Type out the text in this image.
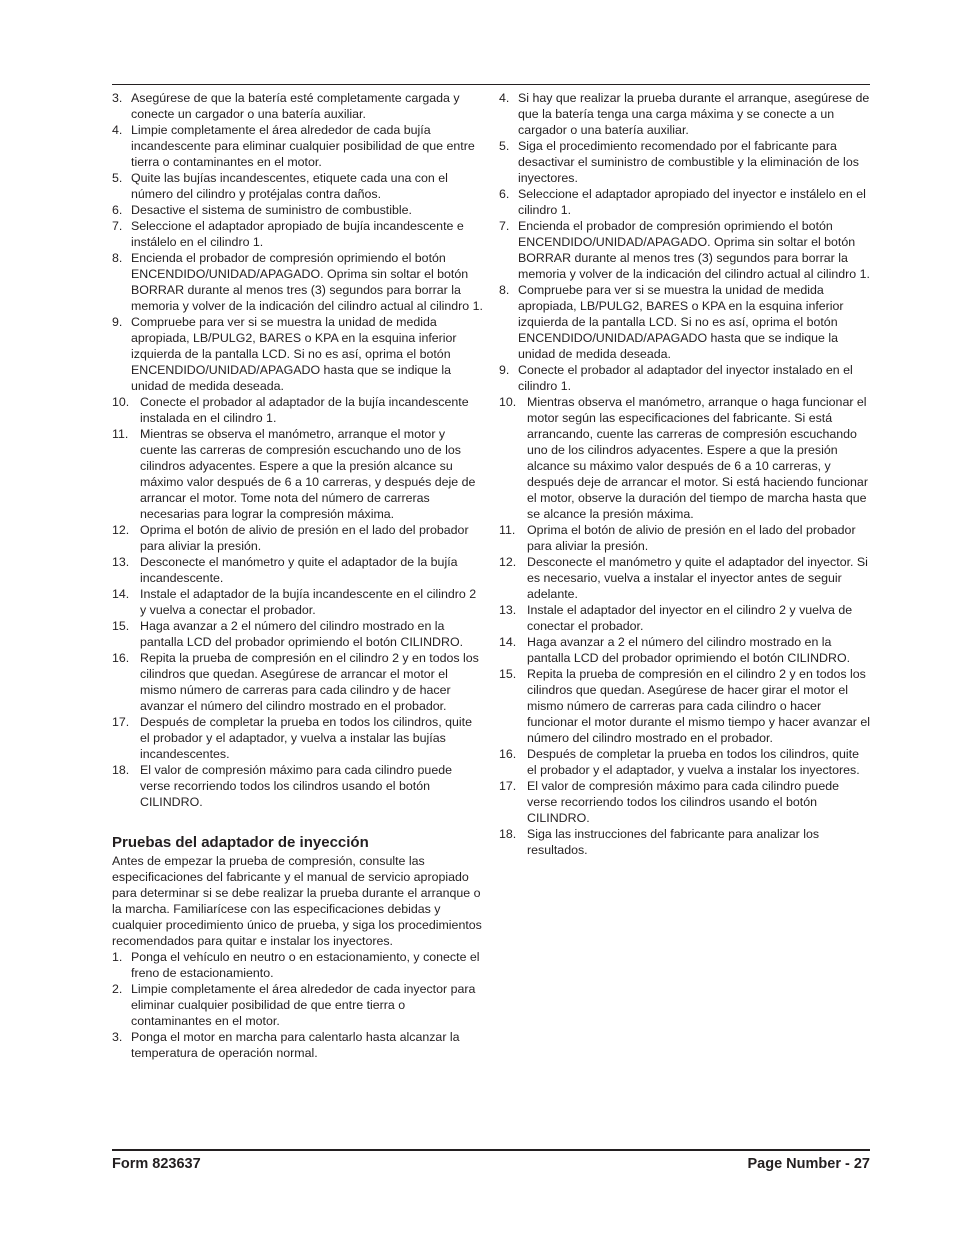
3. Asegúrese de que la batería esté completamente cargada y conecte un cargador o una batería auxiliar.
4. Limpie completamente el área alrededor de cada bujía incandescente para eliminar cualquier posibilidad de que entre tierra o contaminantes en el motor.
5. Quite las bujías incandescentes, etiquete cada una con el número del cilindro y protéjalas contra daños.
6. Desactive el sistema de suministro de combustible.
7. Seleccione el adaptador apropiado de bujía incandescente e instálelo en el cilindro 1.
8. Encienda el probador de compresión oprimiendo el botón ENCENDIDO/UNIDAD/APAGADO. Oprima sin soltar el botón BORRAR durante al menos tres (3) segundos para borrar la memoria y volver de la indicación del cilindro actual al cilindro 1.
9. Compruebe para ver si se muestra la unidad de medida apropiada, LB/PULG2, BARES o KPA en la esquina inferior izquierda de la pantalla LCD. Si no es así, oprima el botón ENCENDIDO/UNIDAD/APAGADO hasta que se indique la unidad de medida deseada.
10. Conecte el probador al adaptador de la bujía incandescente instalada en el cilindro 1.
11. Mientras se observa el manómetro, arranque el motor y cuente las carreras de compresión escuchando uno de los cilindros adyacentes. Espere a que la presión alcance su máximo valor después de 6 a 10 carreras, y después deje de arrancar el motor. Tome nota del número de carreras necesarias para lograr la compresión máxima.
12. Oprima el botón de alivio de presión en el lado del probador para aliviar la presión.
13. Desconecte el manómetro y quite el adaptador de la bujía incandescente.
14. Instale el adaptador de la bujía incandescente en el cilindro 2 y vuelva a conectar el probador.
15. Haga avanzar a 2 el número del cilindro mostrado en la pantalla LCD del probador oprimiendo el botón CILINDRO.
16. Repita la prueba de compresión en el cilindro 2 y en todos los cilindros que quedan. Asegúrese de arrancar el motor el mismo número de carreras para cada cilindro y de hacer avanzar el número del cilindro mostrado en el probador.
17. Después de completar la prueba en todos los cilindros, quite el probador y el adaptador, y vuelva a instalar las bujías incandescentes.
18. El valor de compresión máximo para cada cilindro puede verse recorriendo todos los cilindros usando el botón CILINDRO.
Pruebas del adaptador de inyección

Antes de empezar la prueba de compresión, consulte las especificaciones del fabricante y el manual de servicio apropiado para determinar si se debe realizar la prueba durante el arranque o la marcha. Familiarícese con las especificaciones debidas y cualquier procedimiento único de prueba, y siga los procedimientos recomendados para quitar e instalar los inyectores.

1. Ponga el vehículo en neutro o en estacionamiento, y conecte el freno de estacionamiento.
2. Limpie completamente el área alrededor de cada inyector para eliminar cualquier posibilidad de que entre tierra o contaminantes en el motor.
3. Ponga el motor en marcha para calentarlo hasta alcanzar la temperatura de operación normal.
4. Si hay que realizar la prueba durante el arranque, asegúrese de que la batería tenga una carga máxima y se conecte a un cargador o una batería auxiliar.
5. Siga el procedimiento recomendado por el fabricante para desactivar el suministro de combustible y la eliminación de los inyectores.
6. Seleccione el adaptador apropiado del inyector e instálelo en el cilindro 1.
7. Encienda el probador de compresión oprimiendo el botón ENCENDIDO/UNIDAD/APAGADO. Oprima sin soltar el botón BORRAR durante al menos tres (3) segundos para borrar la memoria y volver de la indicación del cilindro actual al cilindro 1.
8. Compruebe para ver si se muestra la unidad de medida apropiada, LB/PULG2, BARES o KPA en la esquina inferior izquierda de la pantalla LCD. Si no es así, oprima el botón ENCENDIDO/UNIDAD/APAGADO hasta que se indique la unidad de medida deseada.
9. Conecte el probador al adaptador del inyector instalado en el cilindro 1.
10. Mientras observa el manómetro, arranque o haga funcionar el motor según las especificaciones del fabricante. Si está arrancando, cuente las carreras de compresión escuchando uno de los cilindros adyacentes. Espere a que la presión alcance su máximo valor después de 6 a 10 carreras, y después deje de arrancar el motor. Si está haciendo funcionar el motor, observe la duración del tiempo de marcha hasta que se alcance la presión máxima.
11. Oprima el botón de alivio de presión en el lado del probador para aliviar la presión.
12. Desconecte el manómetro y quite el adaptador del inyector. Si es necesario, vuelva a instalar el inyector antes de seguir adelante.
13. Instale el adaptador del inyector en el cilindro 2 y vuelva de conectar el probador.
14. Haga avanzar a 2 el número del cilindro mostrado en la pantalla LCD del probador oprimiendo el botón CILINDRO.
15. Repita la prueba de compresión en el cilindro 2 y en todos los cilindros que quedan. Asegúrese de hacer girar el motor el mismo número de carreras para cada cilindro o hacer funcionar el motor durante el mismo tiempo y hacer avanzar el número del cilindro mostrado en el probador.
16. Después de completar la prueba en todos los cilindros, quite el probador y el adaptador, y vuelva a instalar los inyectores.
17. El valor de compresión máximo para cada cilindro puede verse recorriendo todos los cilindros usando el botón CILINDRO.
18. Siga las instrucciones del fabricante para analizar los resultados.
Form 823637	Page Number - 27
